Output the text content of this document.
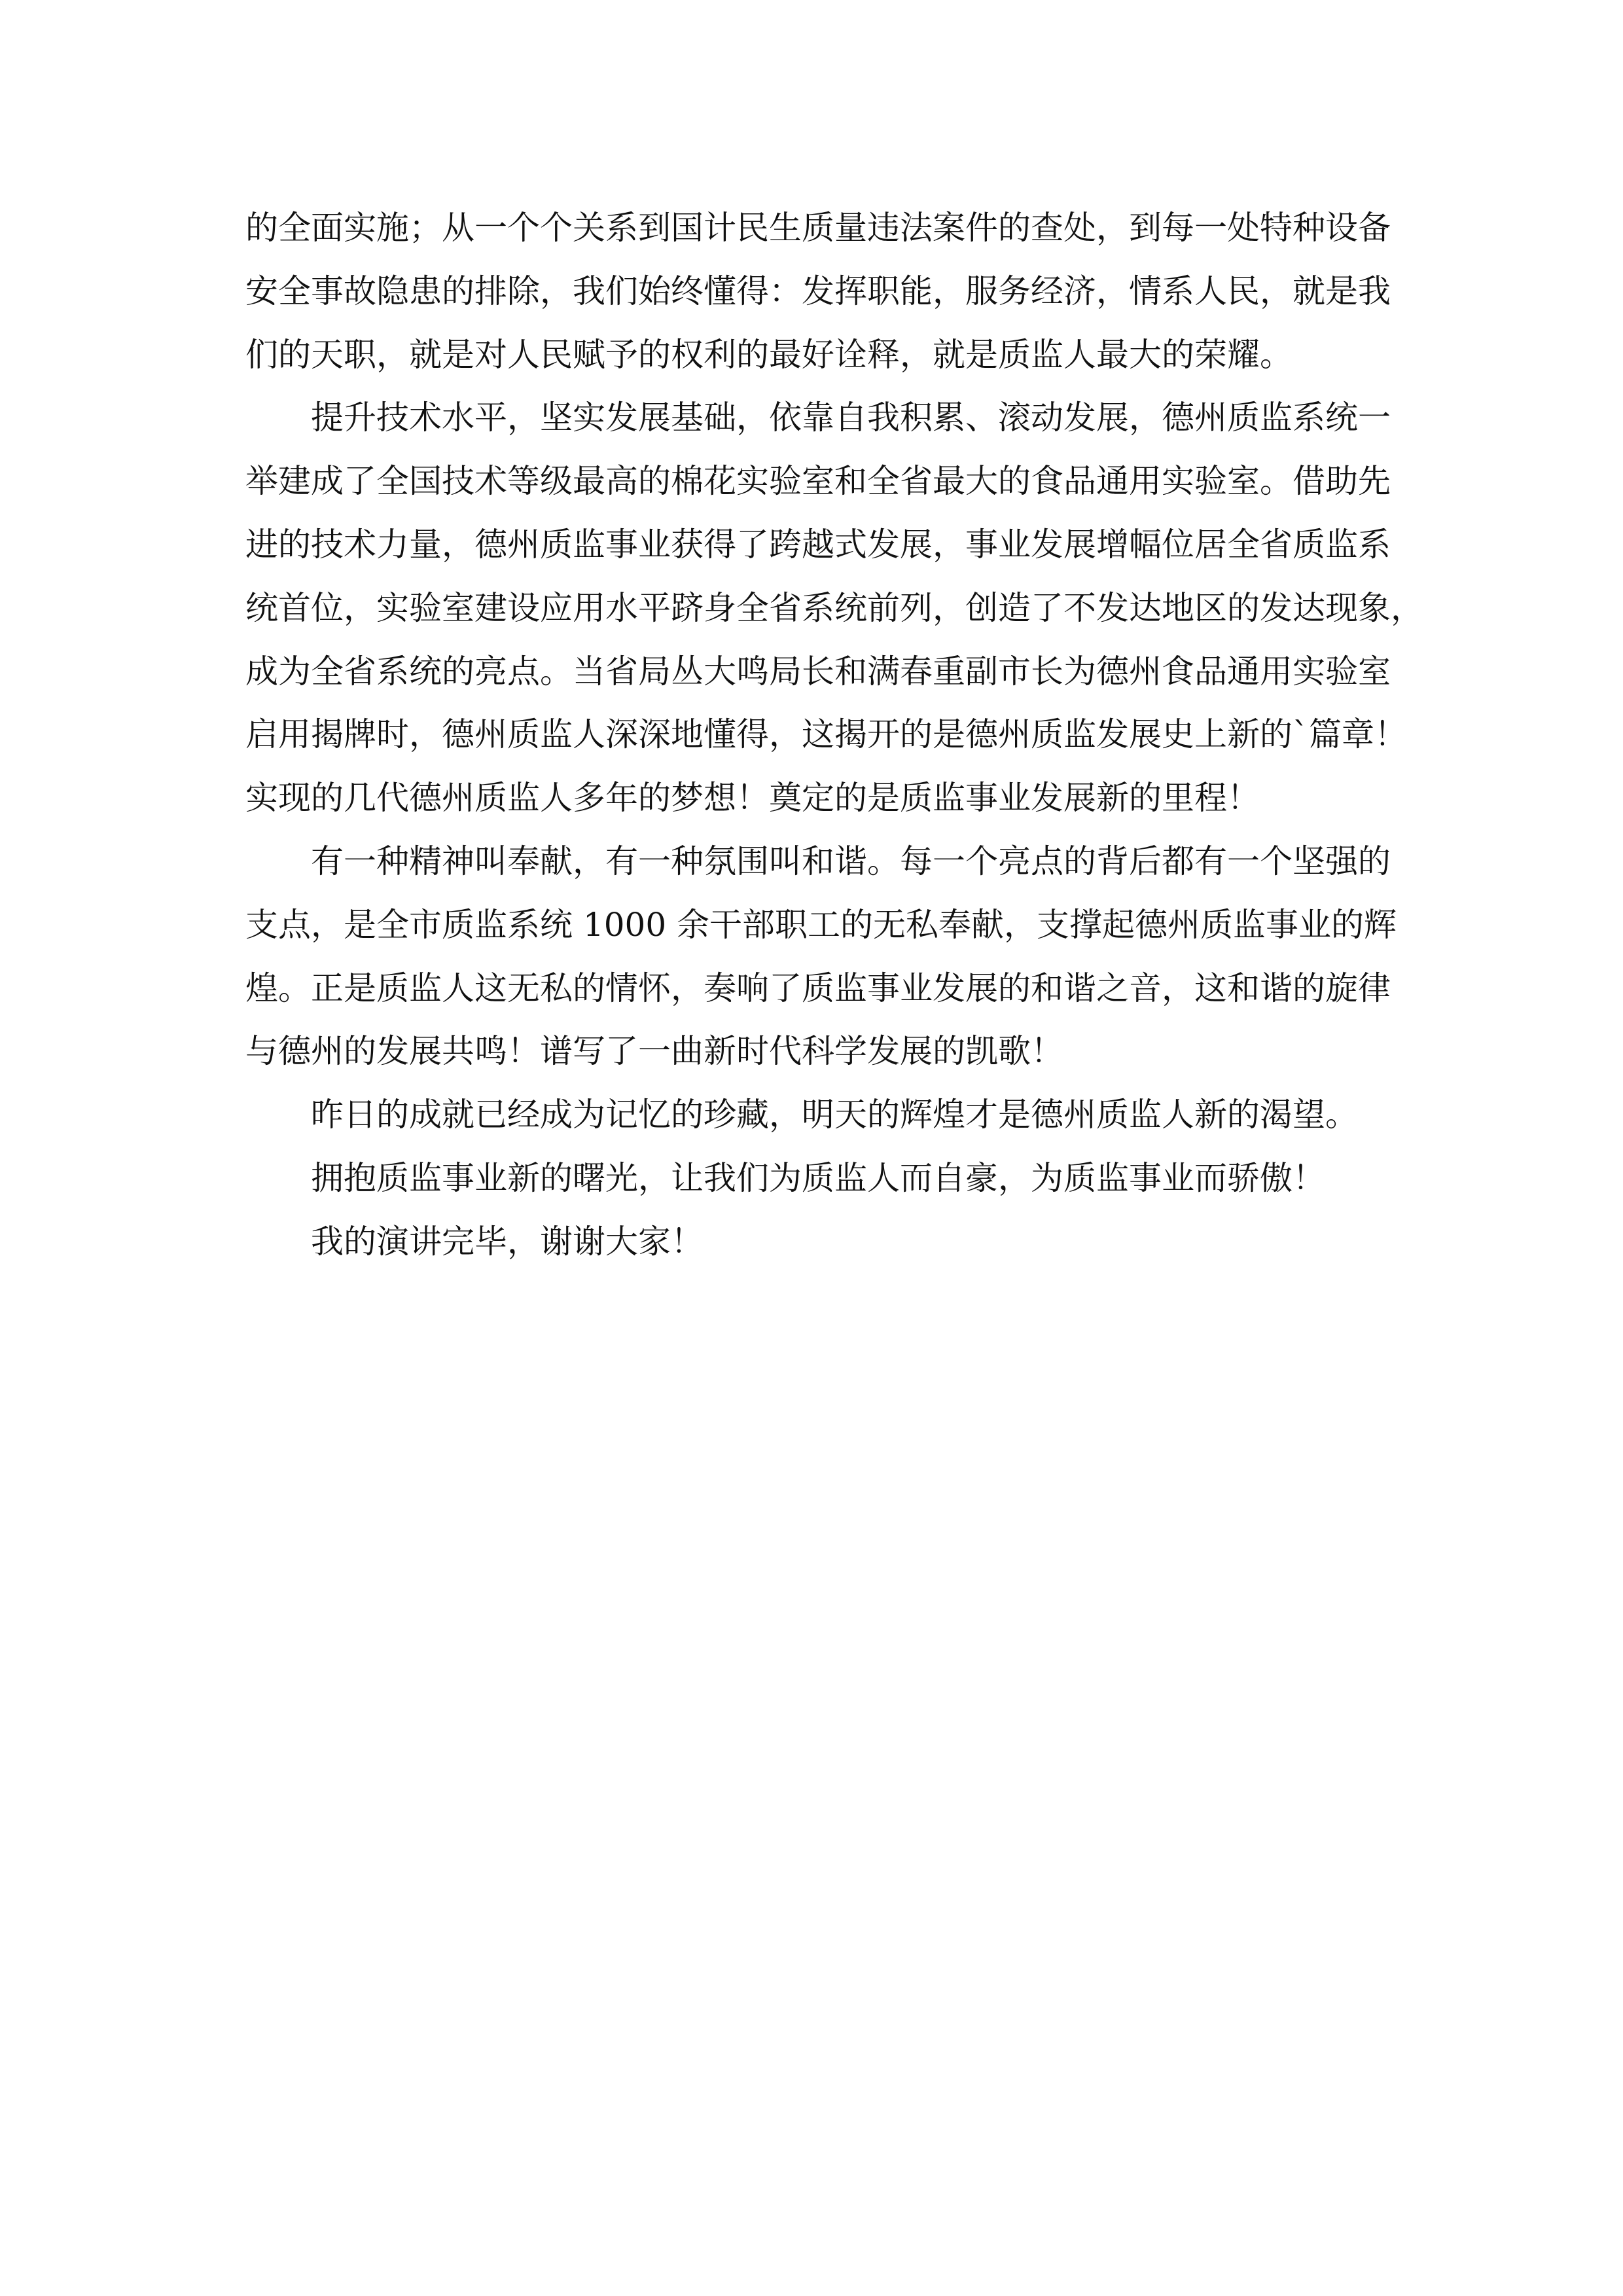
的全面实施；从一个个关系到国计民生质量违法案件的查处，到每一处特种设备
安全事故隐患的排除，我们始终懂得：发挥职能，服务经济，情系人民，就是我
们的天职，就是对人民赋予的权利的最好诠释，就是质监人最大的荣耀。
提升技术水平，坚实发展基础，依靠自我积累、滚动发展，德州质监系统一
举建成了全国技术等级最高的棉花实验室和全省最大的食品通用实验室。借助先
进的技术力量，德州质监事业获得了跨越式发展，事业发展增幅位居全省质监系
统首位，实验室建设应用水平跻身全省系统前列，创造了不发达地区的发达现象，
成为全省系统的亮点。当省局丛大鸣局长和满春重副市长为德州食品通用实验室
启用揭牌时，德州质监人深深地懂得，这揭开的是德州质监发展史上新的`篇章！
实现的几代德州质监人多年的梦想！奠定的是质监事业发展新的里程！
有一种精神叫奉献，有一种氛围叫和谐。每一个亮点的背后都有一个坚强的
支点，是全市质监系统 1000 余干部职工的无私奉献，支撑起德州质监事业的辉
煌。正是质监人这无私的情怀，奏响了质监事业发展的和谐之音，这和谐的旋律
与德州的发展共鸣！谱写了一曲新时代科学发展的凯歌！
昨日的成就已经成为记忆的珍藏，明天的辉煌才是德州质监人新的渴望。
拥抱质监事业新的曙光，让我们为质监人而自豪，为质监事业而骄傲！
我的演讲完毕，谢谢大家！
